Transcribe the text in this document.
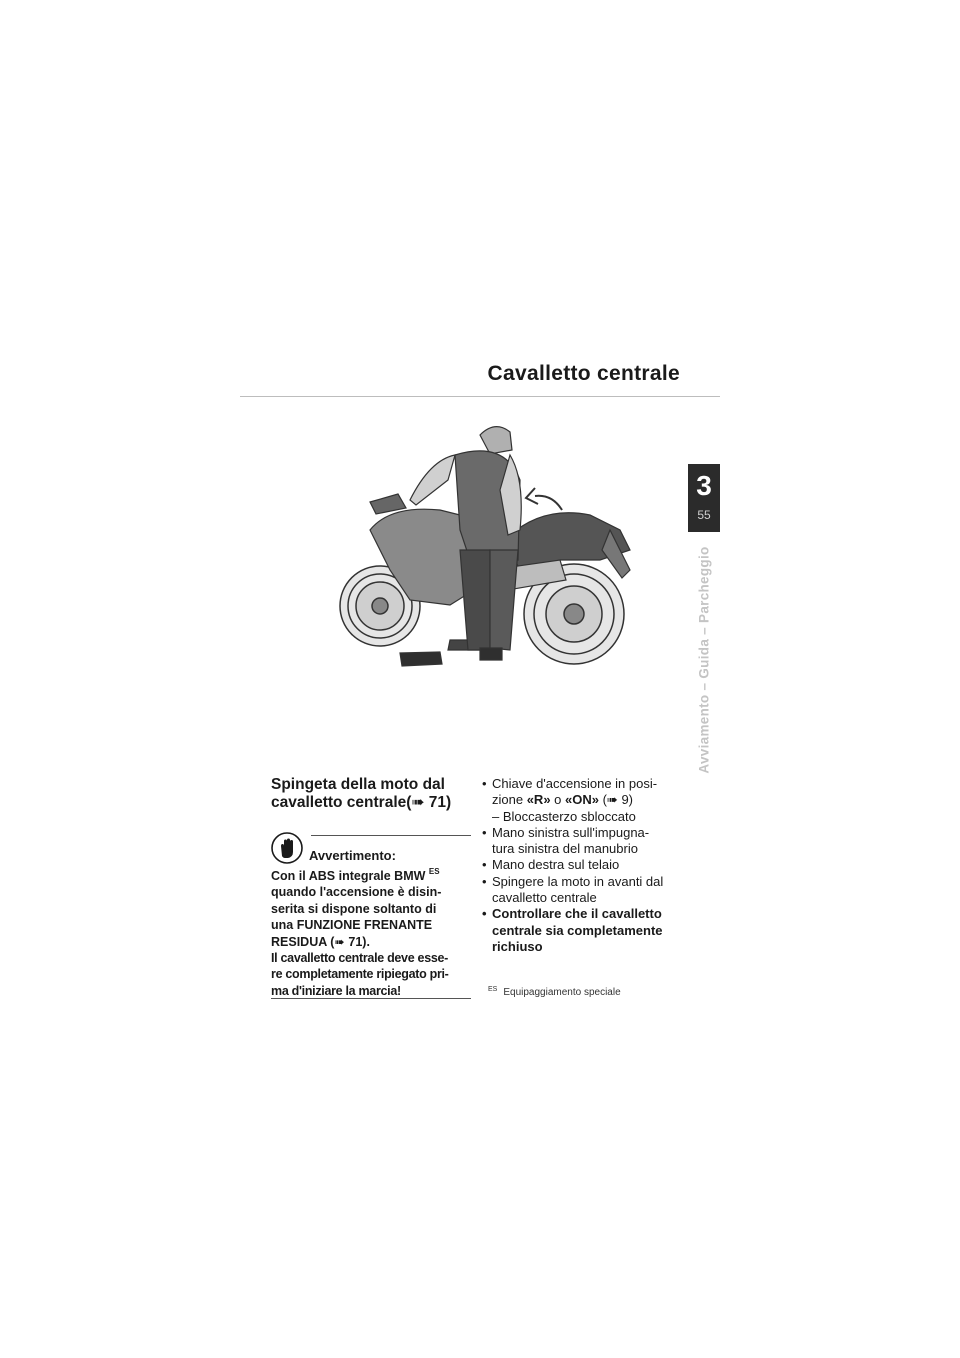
Cavalletto centrale
3
55
Avviamento – Guida – Parcheggio
Spingeta della moto dal
cavalletto centrale(➠ 71)
Avvertimento:
Con il ABS integrale BMW $^{ES}$
quando l'accensione è disin-
serita si dispone soltanto di
una FUNZIONE FRENANTE
RESIDUA (➠ 71).
Il cavalletto centrale deve esse-
re completamente ripiegato pri-
ma d'iniziare la marcia!
• Chiave d'accensione in posi-
zione «R» o «ON» (➠ 9)
– Bloccasterzo sbloccato
• Mano sinistra sull'impugna-
tura sinistra del manubrio
• Mano destra sul telaio
• Spingere la moto in avanti dal
cavalletto centrale
• Controllare che il cavalletto
centrale sia completamente
richiuso
$^{ES}$ Equipaggiamento speciale
